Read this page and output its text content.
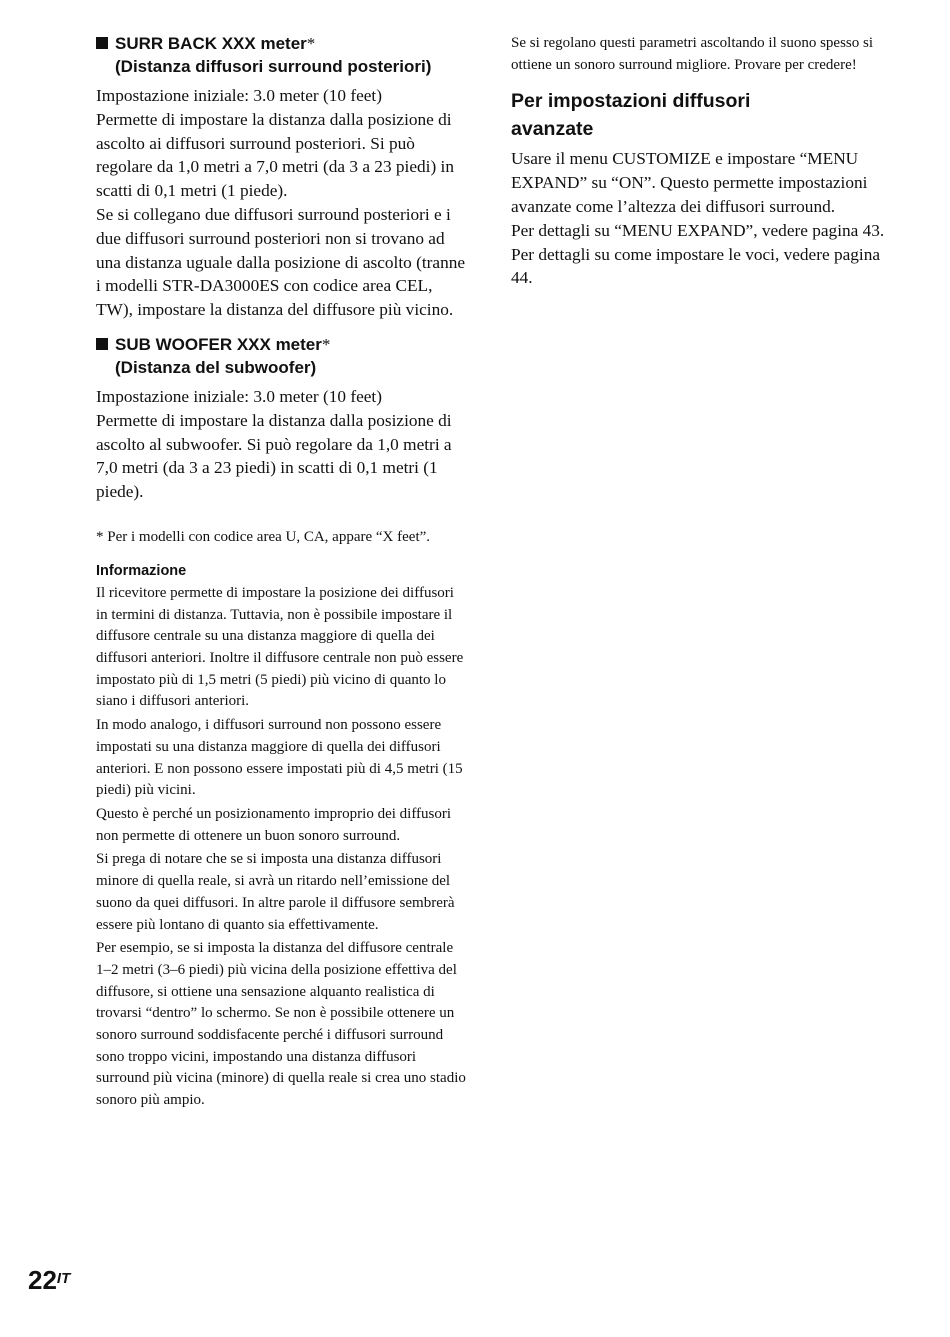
SURR BACK XXX meter*
(Distanza diffusori surround posteriori)

Impostazione iniziale: 3.0 meter (10 feet)
Permette di impostare la distanza dalla posizione di ascolto ai diffusori surround posteriori. Si può regolare da 1,0 metri a 7,0 metri (da 3 a 23 piedi) in scatti di 0,1 metri (1 piede).
Se si collegano due diffusori surround posteriori e i due diffusori surround posteriori non si trovano ad una distanza uguale dalla posizione di ascolto (tranne i modelli STR-DA3000ES con codice area CEL, TW), impostare la distanza del diffusore più vicino.

SUB WOOFER XXX meter*
(Distanza del subwoofer)

Impostazione iniziale: 3.0 meter (10 feet)
Permette di impostare la distanza dalla posizione di ascolto al subwoofer. Si può regolare da 1,0 metri a 7,0 metri (da 3 a 23 piedi) in scatti di 0,1 metri (1 piede).

* Per i modelli con codice area U, CA, appare “X feet”.

Informazione

Il ricevitore permette di impostare la posizione dei diffusori in termini di distanza. Tuttavia, non è possibile impostare il diffusore centrale su una distanza maggiore di quella dei diffusori anteriori. Inoltre il diffusore centrale non può essere impostato più di 1,5 metri (5 piedi) più vicino di quanto lo siano i diffusori anteriori.

In modo analogo, i diffusori surround non possono essere impostati su una distanza maggiore di quella dei diffusori anteriori. E non possono essere impostati più di 4,5 metri (15 piedi) più vicini.

Questo è perché un posizionamento improprio dei diffusori non permette di ottenere un buon sonoro surround.

Si prega di notare che se si imposta una distanza diffusori minore di quella reale, si avrà un ritardo nell’emissione del suono da quei diffusori. In altre parole il diffusore sembrerà essere più lontano di quanto sia effettivamente.

Per esempio, se si imposta la distanza del diffusore centrale 1–2 metri (3–6 piedi) più vicina della posizione effettiva del diffusore, si ottiene una sensazione alquanto realistica di trovarsi “dentro” lo schermo. Se non è possibile ottenere un sonoro surround soddisfacente perché i diffusori surround sono troppo vicini, impostando una distanza diffusori surround più vicina (minore) di quella reale si crea uno stadio sonoro più ampio.

Se si regolano questi parametri ascoltando il suono spesso si ottiene un sonoro surround migliore. Provare per credere!

Per impostazioni diffusori avanzate

Usare il menu CUSTOMIZE e impostare “MENU EXPAND” su “ON”. Questo permette impostazioni avanzate come l’altezza dei diffusori surround.
Per dettagli su “MENU EXPAND”, vedere pagina 43. Per dettagli su come impostare le voci, vedere pagina 44.

$22^{IT}$
